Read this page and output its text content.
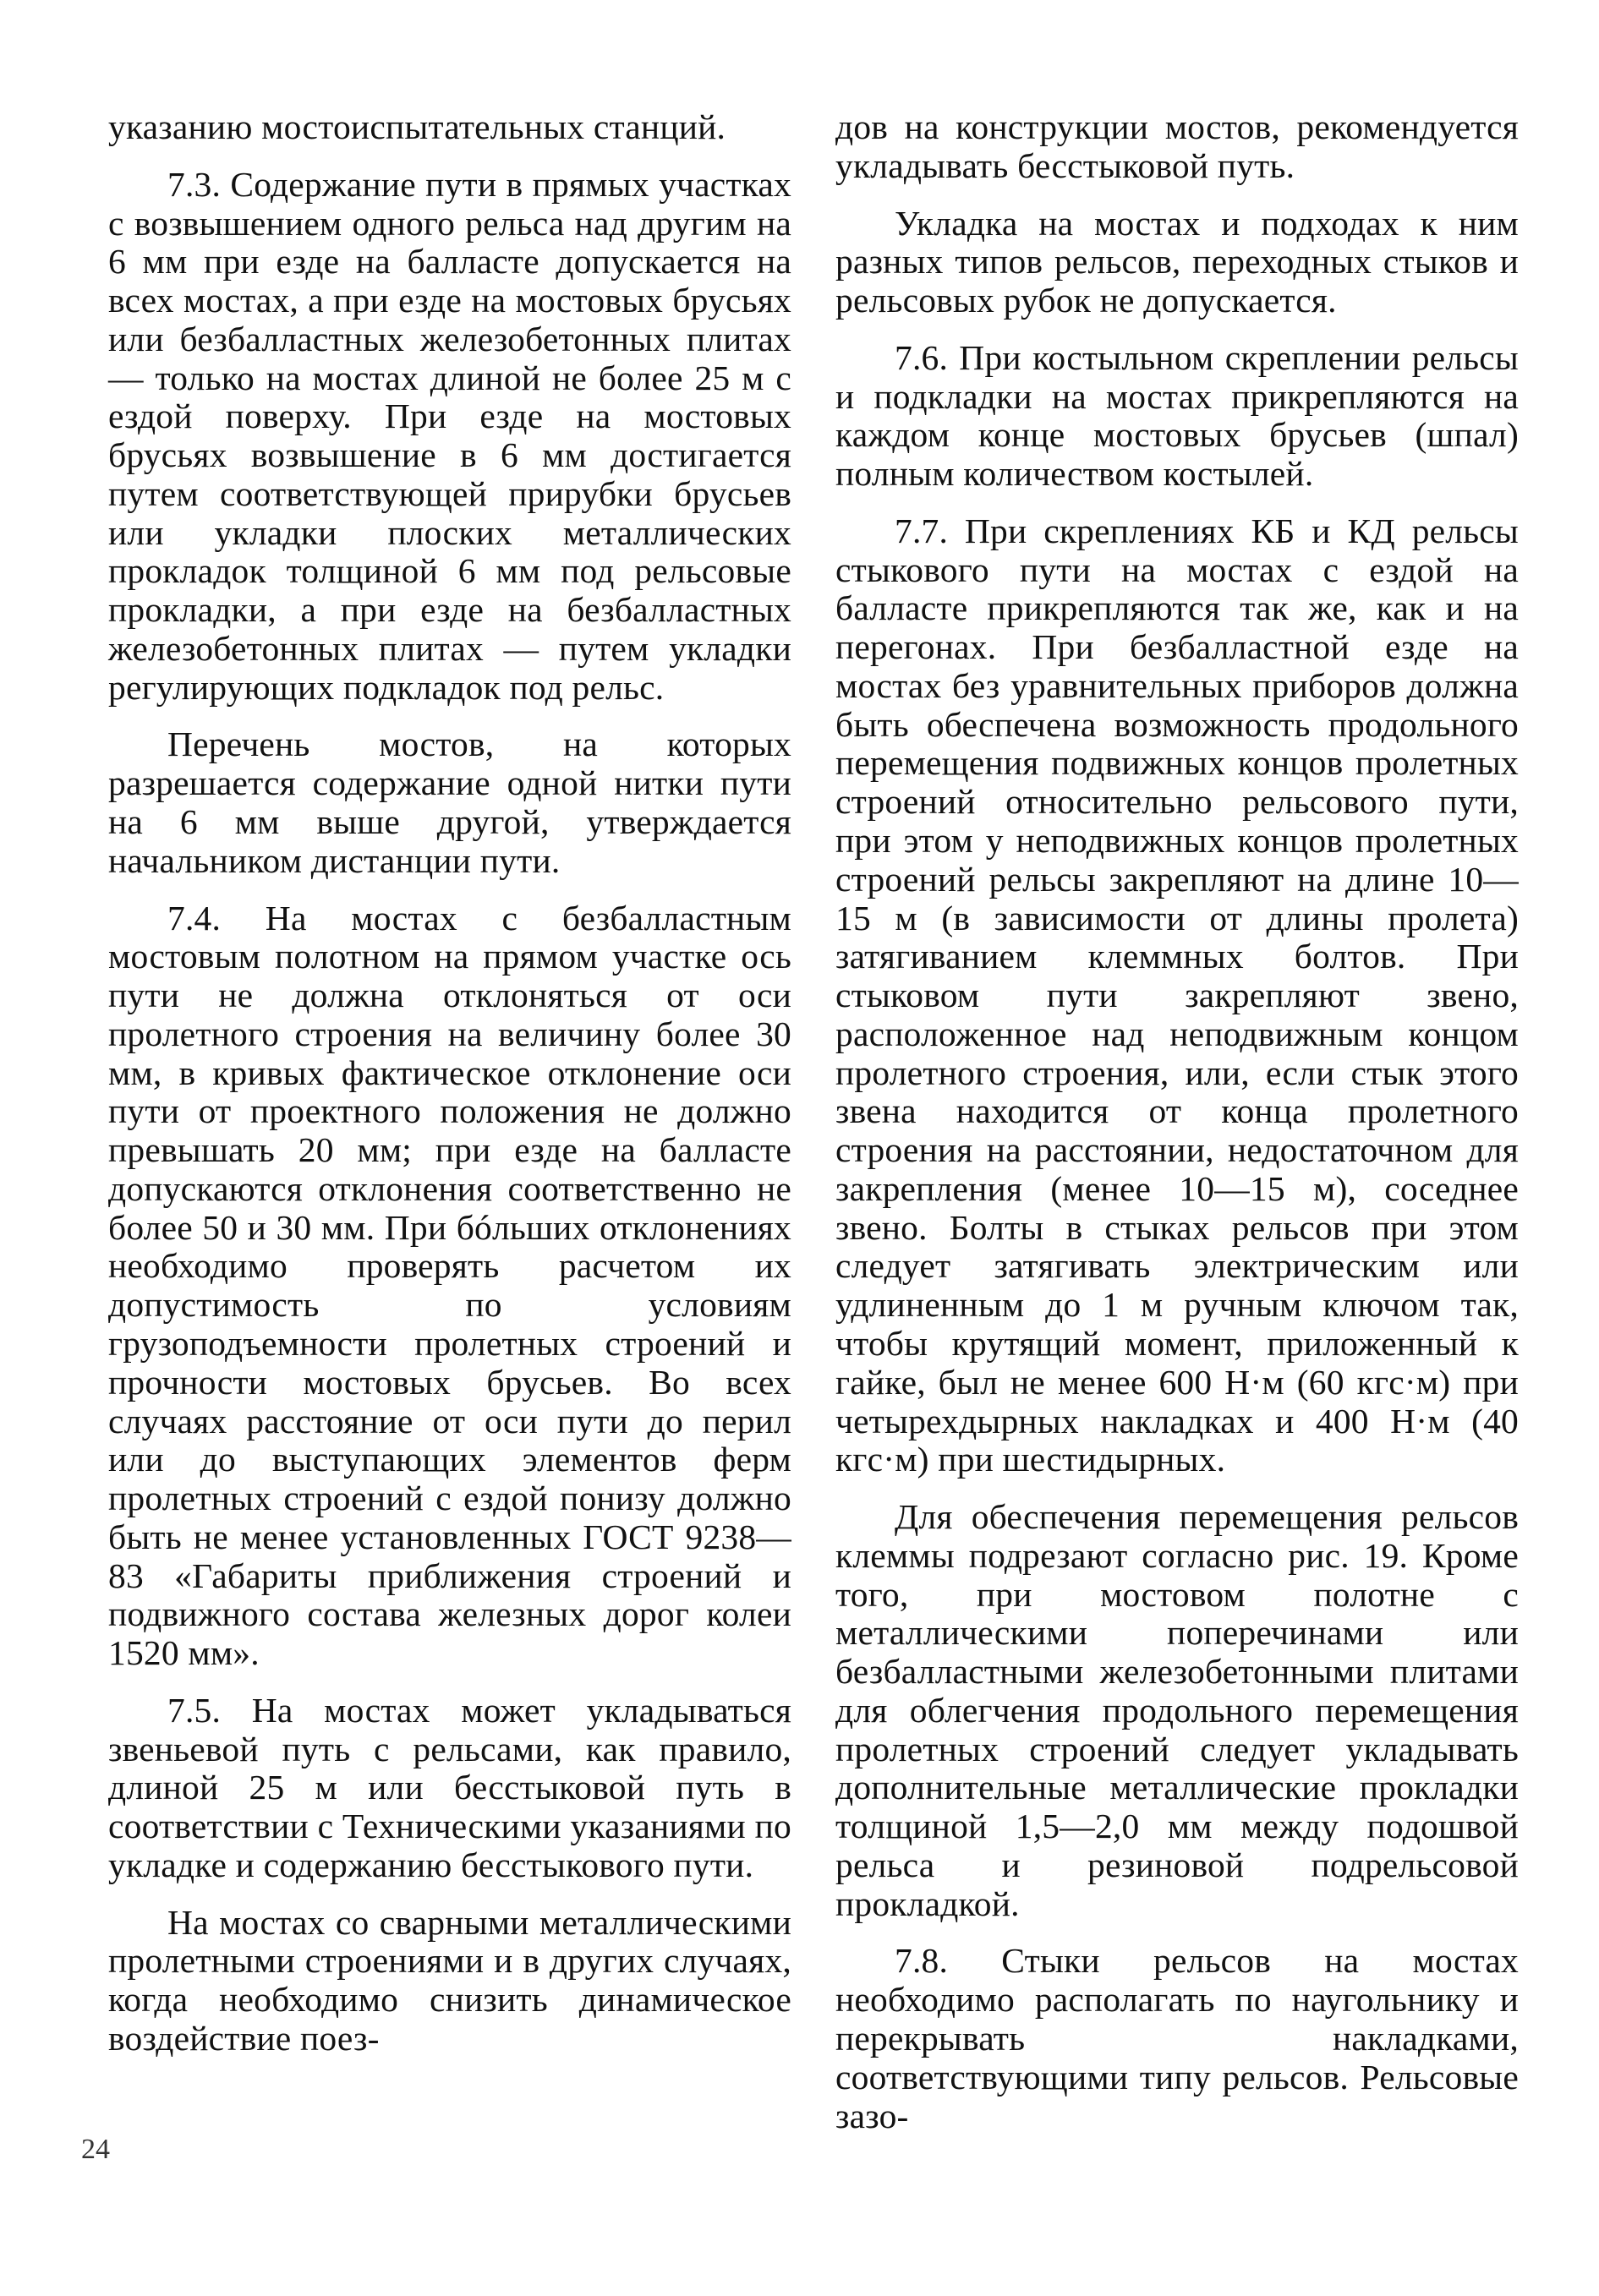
указанию мостоиспытательных станций.

7.3. Содержание пути в прямых участках с возвышением одного рельса над другим на 6 мм при езде на балласте допускается на всех мостах, а при езде на мостовых брусьях или безбалластных железобетонных плитах — только на мостах длиной не более 25 м с ездой поверху. При езде на мостовых брусьях возвышение в 6 мм достигается путем соответствующей прирубки брусьев или укладки плоских металлических прокладок толщиной 6 мм под рельсовые прокладки, а при езде на безбалластных железобетонных плитах — путем укладки регулирующих подкладок под рельс.

Перечень мостов, на которых разрешается содержание одной нитки пути на 6 мм выше другой, утверждается начальником дистанции пути.

7.4. На мостах с безбалластным мостовым полотном на прямом участке ось пути не должна отклоняться от оси пролетного строения на величину более 30 мм, в кривых фактическое отклонение оси пути от проектного положения не должно превышать 20 мм; при езде на балласте допускаются отклонения соответственно не более 50 и 30 мм. При бóльших отклонениях необходимо проверять расчетом их допустимость по условиям грузоподъемности пролетных строений и прочности мостовых брусьев. Во всех случаях расстояние от оси пути до перил или до выступающих элементов ферм пролетных строений с ездой понизу должно быть не менее установленных ГОСТ 9238—83 «Габариты приближения строений и подвижного состава железных дорог колеи 1520 мм».

7.5. На мостах может укладываться звеньевой путь с рельсами, как правило, длиной 25 м или бесстыковой путь в соответствии с Техническими указаниями по укладке и содержанию бесстыкового пути.

На мостах со сварными металлическими пролетными строениями и в других случаях, когда необходимо снизить динамическое воздействие поез-

дов на конструкции мостов, рекомендуется укладывать бесстыковой путь.

Укладка на мостах и подходах к ним разных типов рельсов, переходных стыков и рельсовых рубок не допускается.

7.6. При костыльном скреплении рельсы и подкладки на мостах прикрепляются на каждом конце мостовых брусьев (шпал) полным количеством костылей.

7.7. При скреплениях КБ и КД рельсы стыкового пути на мостах с ездой на балласте прикрепляются так же, как и на перегонах. При безбалластной езде на мостах без уравнительных приборов должна быть обеспечена возможность продольного перемещения подвижных концов пролетных строений относительно рельсового пути, при этом у неподвижных концов пролетных строений рельсы закрепляют на длине 10—15 м (в зависимости от длины пролета) затягиванием клеммных болтов. При стыковом пути закрепляют звено, расположенное над неподвижным концом пролетного строения, или, если стык этого звена находится от конца пролетного строения на расстоянии, недостаточном для закрепления (менее 10—15 м), соседнее звено. Болты в стыках рельсов при этом следует затягивать электрическим или удлиненным до 1 м ручным ключом так, чтобы крутящий момент, приложенный к гайке, был не менее 600 Н·м (60 кгс·м) при четырехдырных накладках и 400 Н·м (40 кгс·м) при шестидырных.

Для обеспечения перемещения рельсов клеммы подрезают согласно рис. 19. Кроме того, при мостовом полотне с металлическими поперечинами или безбалластными железобетонными плитами для облегчения продольного перемещения пролетных строений следует укладывать дополнительные металлические прокладки толщиной 1,5—2,0 мм между подошвой рельса и резиновой подрельсовой прокладкой.

7.8. Стыки рельсов на мостах необходимо располагать по наугольнику и перекрывать накладками, соответствующими типу рельсов. Рельсовые зазо-

24
